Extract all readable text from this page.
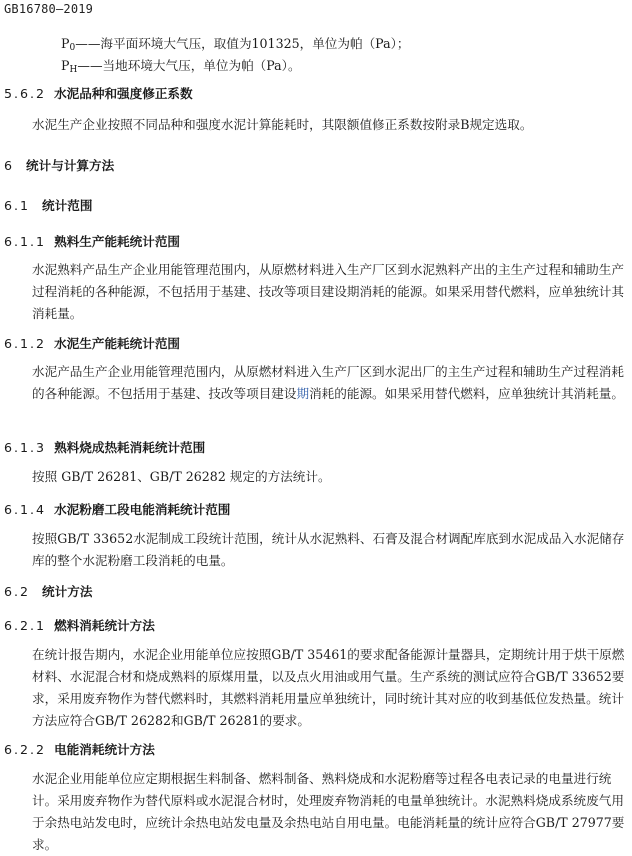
GB16780—2019
$P_0——$海平面环境大气压，取值为101325，单位为帕（Pa）；
$P_H——$当地环境大气压，单位为帕（Pa）。
5.6.2 水泥品种和强度修正系数
水泥生产企业按照不同品种和强度水泥计算能耗时，其限额值修正系数按附录B规定选取。
6 统计与计算方法
6.1 统计范围
6.1.1 熟料生产能耗统计范围
水泥熟料产品生产企业用能管理范围内，从原燃材料进入生产厂区到水泥熟料产出的主生产过程和辅助生产过程消耗的各种能源，不包括用于基建、技改等项目建设期消耗的能源。如果采用替代燃料，应单独统计其消耗量。
6.1.2 水泥生产能耗统计范围
水泥产品生产企业用能管理范围内，从原燃材料进入生产厂区到水泥出厂的主生产过程和辅助生产过程消耗的各种能源。不包括用于基建、技改等项目建设期消耗的能源。如果采用替代燃料，应单独统计其消耗量。
6.1.3 熟料烧成热耗消耗统计范围
按照 GB/T 26281、GB/T 26282 规定的方法统计。
6.1.4 水泥粉磨工段电能消耗统计范围
按照GB/T 33652水泥制成工段统计范围，统计从水泥熟料、石膏及混合材调配库底到水泥成品入水泥储存库的整个水泥粉磨工段消耗的电量。
6.2 统计方法
6.2.1 燃料消耗统计方法
在统计报告期内，水泥企业用能单位应按照GB/T 35461的要求配备能源计量器具，定期统计用于烘干原燃材料、水泥混合材和烧成熟料的原煤用量，以及点火用油或用气量。生产系统的测试应符合GB/T 33652要求，采用废弃物作为替代燃料时，其燃料消耗用量应单独统计，同时统计其对应的收到基低位发热量。统计方法应符合GB/T 26282和GB/T 26281的要求。
6.2.2 电能消耗统计方法
水泥企业用能单位应定期根据生料制备、燃料制备、熟料烧成和水泥粉磨等过程各电表记录的电量进行统计。采用废弃物作为替代原料或水泥混合材时，处理废弃物消耗的电量单独统计。水泥熟料烧成系统废气用于余热电站发电时，应统计余热电站发电量及余热电站自用电量。电能消耗量的统计应符合GB/T 27977要求。
